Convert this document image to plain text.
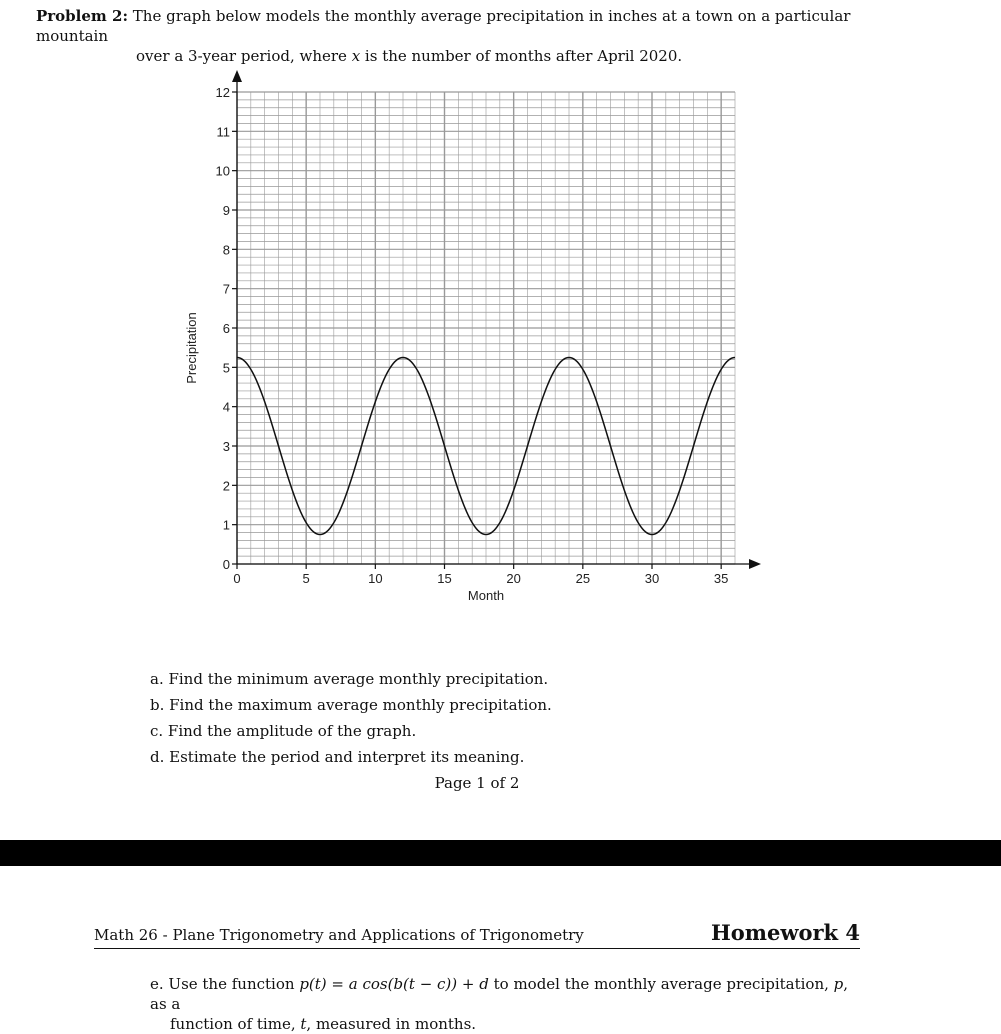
Problem 2: The graph below models the monthly average precipitation in inches at a town on a particular mountain
over a 3-year period, where x is the number of months after April 2020.
0
1
2
3
4
5
6
7
8
9
10
11
12
0	5	10	15	20	25	30	35
Month
Precipitation
a. Find the minimum average monthly precipitation.
b. Find the maximum average monthly precipitation.
c. Find the amplitude of the graph.
d. Estimate the period and interpret its meaning.
Page 1 of 2
Math 26 - Plane Trigonometry and Applications of Trigonometry	Homework 4
e. Use the function p(t) = a cos(b(t − c)) + d to model the monthly average precipitation, p, as a
function of time, t, measured in months.
